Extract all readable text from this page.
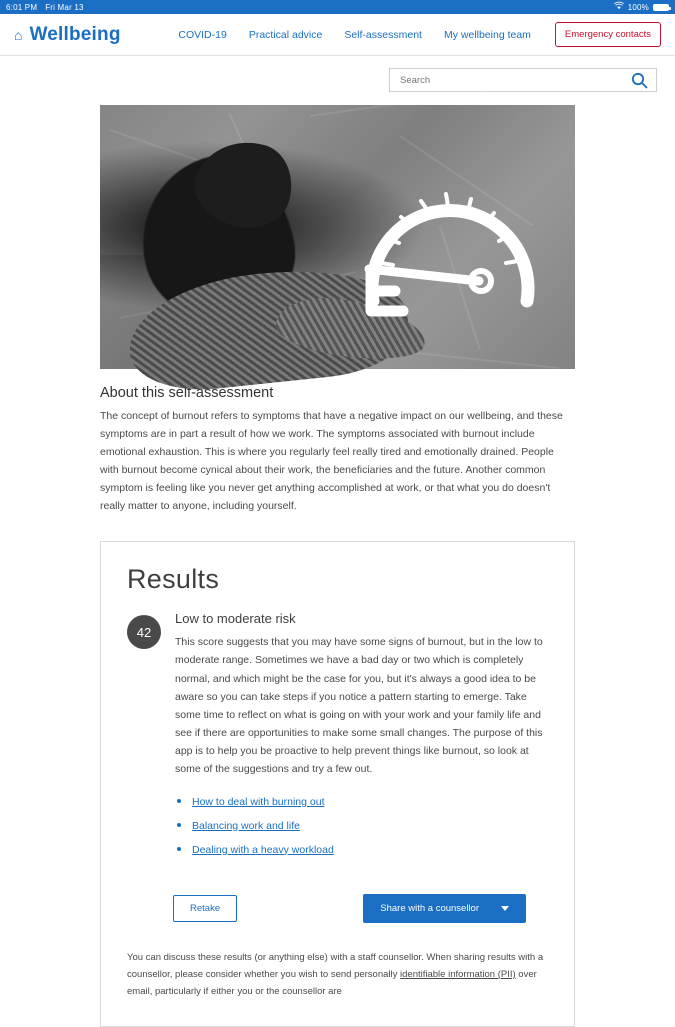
6:01 PM Fri Mar 13	100%
⌂ Wellbeing	COVID-19 Practical advice Self-assessment My wellbeing team	Emergency contacts
Search
About this self-assessment

The concept of burnout refers to symptoms that have a negative impact on our wellbeing, and these symptoms are in part a result of how we work. The symptoms associated with burnout include emotional exhaustion. This is where you regularly feel really tired and emotionally drained. People with burnout become cynical about their work, the beneficiaries and the future. Another common symptom is feeling like you never get anything accomplished at work, or that what you do doesn't really matter to anyone, including yourself.

Results
42
Low to moderate risk

This score suggests that you may have some signs of burnout, but in the low to moderate range. Sometimes we have a bad day or two which is completely normal, and which might be the case for you, but it's always a good idea to be aware so you can take steps if you notice a pattern starting to emerge. Take some time to reflect on what is going on with your work and your family life and see if there are opportunities to make some small changes. The purpose of this app is to help you be proactive to help prevent things like burnout, so look at some of the suggestions and try a few out.

• How to deal with burning out
• Balancing work and life
• Dealing with a heavy workload
Retake	Share with a counsellor
You can discuss these results (or anything else) with a staff counsellor. When sharing results with a counsellor, please consider whether you wish to send personally identifiable information (PII) over email, particularly if either you or the counsellor are
